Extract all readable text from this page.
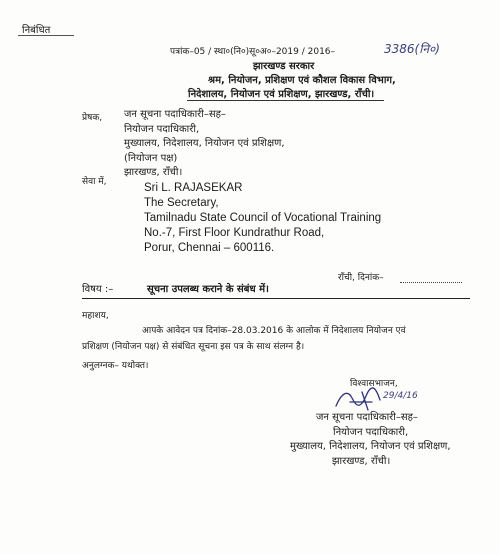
निबंधित
पत्रांक–05 / स्था०(नि०)सू०अ०–2019 / 2016–	3386(नि०)
झारखण्ड सरकार
श्रम, नियोजन, प्रशिक्षण एवं कौशल विकास विभाग,
निदेशालय, नियोजन एवं प्रशिक्षण, झारखण्ड, राँची।
प्रेषक, जन सूचना पदाधिकारी–सह–
नियोजन पदाधिकारी,
मुख्यालय, निदेशालय, नियोजन एवं प्रशिक्षण,
(नियोजन पक्ष)
झारखण्ड, राँची।
सेवा में,	Sri L. RAJASEKAR
The Secretary,
Tamilnadu State Council of Vocational Training
No.-7, First Floor Kundrathur Road,
Porur, Chennai – 600116.
राँची, दिनांक–
विषय :–	सूचना उपलब्ध कराने के संबंध में।
महाशय,
आपके आवेदन पत्र दिनांक–28.03.2016 के आलोक में निदेशालय नियोजन एवं
प्रशिक्षण (नियोजन पक्ष) से संबंधित सूचना इस पत्र के साथ संलग्न है।
अनुलग्नक– यथोक्त।
विश्वासभाजन,
29/4/16
जन सूचना पदाधिकारी–सह–
नियोजन पदाधिकारी,
मुख्यालय, निदेशालय, नियोजन एवं प्रशिक्षण,
झारखण्ड, राँची।
